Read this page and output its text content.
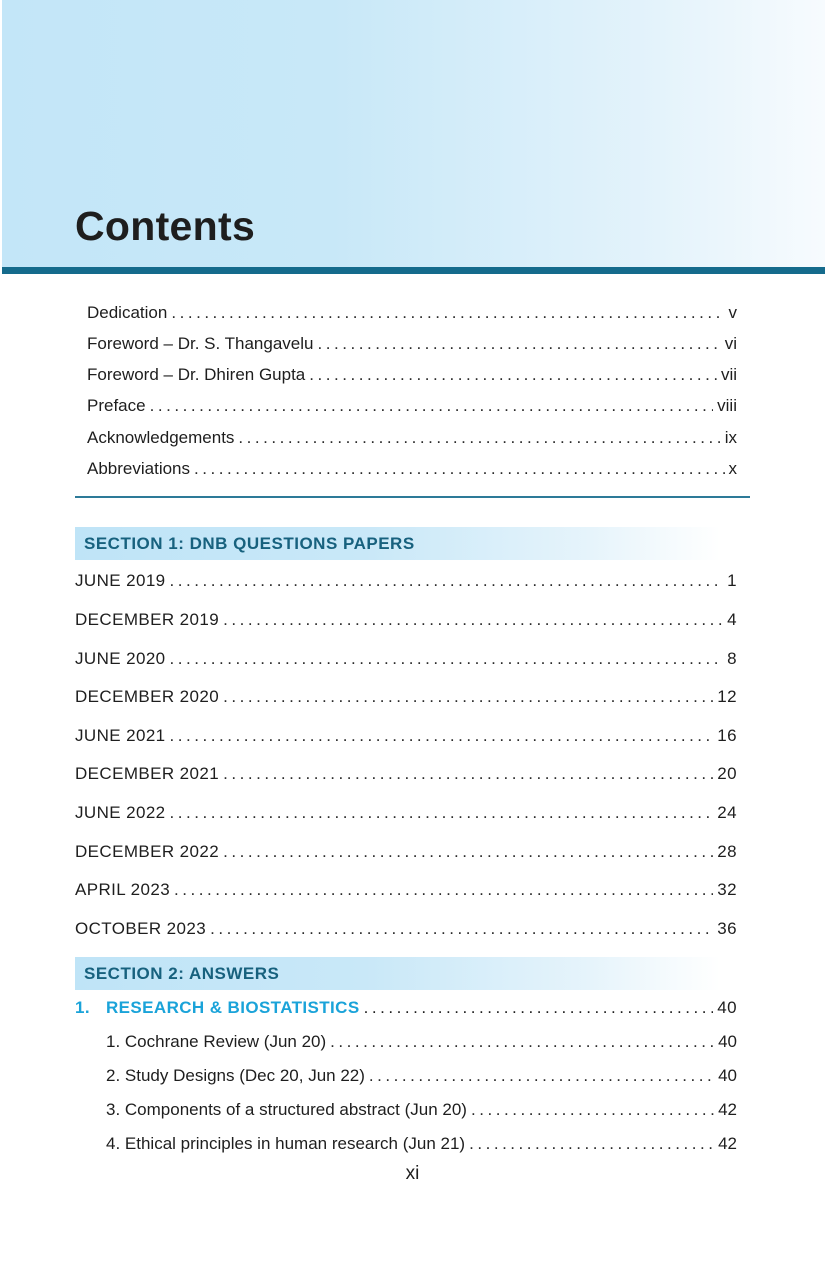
Contents
Dedication . . .	v
Foreword – Dr. S. Thangavelu . . .	vi
Foreword – Dr. Dhiren Gupta . . .	vii
Preface . . .	viii
Acknowledgements . . .	ix
Abbreviations . . .	x
SECTION 1: DNB QUESTIONS PAPERS
JUNE 2019 . . .	1
DECEMBER 2019 . . .	4
JUNE 2020 . . .	8
DECEMBER 2020 . . .	12
JUNE 2021 . . .	16
DECEMBER 2021 . . .	20
JUNE 2022 . . .	24
DECEMBER 2022 . . .	28
APRIL 2023 . . .	32
OCTOBER 2023 . . .	36
SECTION 2: ANSWERS
1. RESEARCH & BIOSTATISTICS . . .	40
1. Cochrane Review (Jun 20) . . .	40
2. Study Designs (Dec 20, Jun 22) . . .	40
3. Components of a structured abstract (Jun 20) . . .	42
4. Ethical principles in human research (Jun 21) . . .	42
xi
